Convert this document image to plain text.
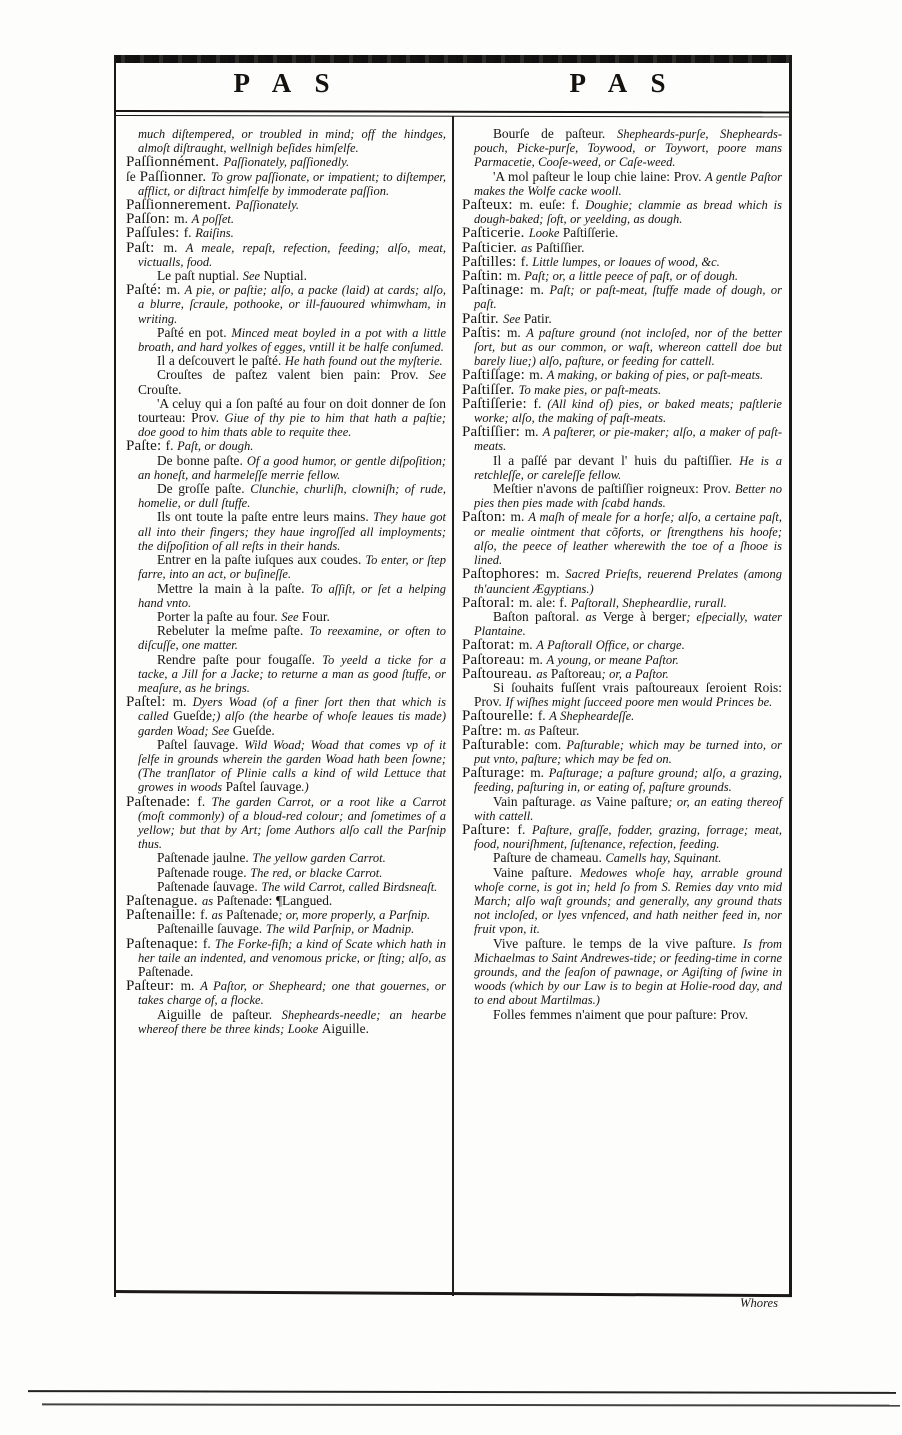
P A S	P A S

much diſtempered, or troubled in mind; off the hindges, almoſt diſtraught, wellnigh beſides himſelfe.

Paſſionnément. Paſſionately, paſſionedly.

ſe Paſſionner. To grow paſſionate, or impatient; to diſtemper, afflict, or diſtract himſelfe by immoderate paſſion.

Paſſionnerement. Paſſionately.

Paſſon: m. A poſſet.

Paſſules: f. Raiſins.

Paſt: m. A meale, repaſt, refection, feeding; alſo, meat, victualls, food.

Le paſt nuptial. See Nuptial.

Paſté: m. A pie, or paſtie; alſo, a packe (laid) at cards; alſo, a blurre, ſcraule, pothooke, or ill-fauoured whimwham, in writing.

Paſté en pot. Minced meat boyled in a pot with a little broath, and hard yolkes of egges, vntill it be halfe conſumed.

Il a deſcouvert le paſté. He hath found out the myſterie.

Crouſtes de paſtez valent bien pain: Prov. See Crouſte.

'A celuy qui a ſon paſté au four on doit donner de ſon tourteau: Prov. Giue of thy pie to him that hath a paſtie; doe good to him thats able to requite thee.

Paſte: f. Paſt, or dough.

De bonne paſte. Of a good humor, or gentle diſpoſition; an honeſt, and harmeleſſe merrie fellow.

De groſſe paſte. Clunchie, churliſh, clowniſh; of rude, homelie, or dull ſtuffe.

Ils ont toute la paſte entre leurs mains. They haue got all into their fingers; they haue ingroſſed all imployments; the diſpoſition of all reſts in their hands.

Entrer en la paſte iuſques aux coudes. To enter, or ſtep farre, into an act, or buſineſſe.

Mettre la main à la paſte. To aſſiſt, or ſet a helping hand vnto.

Porter la paſte au four. See Four.

Rebeluter la meſme paſte. To reexamine, or often to diſcuſſe, one matter.

Rendre paſte pour fougaſſe. To yeeld a ticke for a tacke, a Jill for a Jacke; to returne a man as good ſtuffe, or meaſure, as he brings.

Paſtel: m. Dyers Woad (of a finer ſort then that which is called Gueſde;) alſo (the hearbe of whoſe leaues tis made) garden Woad; See Gueſde.

Paſtel ſauvage. Wild Woad; Woad that comes vp of it ſelfe in grounds wherein the garden Woad hath been ſowne; (The tranſlator of Plinie calls a kind of wild Lettuce that growes in woods Paſtel ſauvage.)

Paſtenade: f. The garden Carrot, or a root like a Carrot (moſt commonly) of a bloud-red colour; and ſometimes of a yellow; but that by Art; ſome Authors alſo call the Parſnip thus.

Paſtenade jaulne. The yellow garden Carrot.

Paſtenade rouge. The red, or blacke Carrot.

Paſtenade ſauvage. The wild Carrot, called Birdsneaſt.

Paſtenague. as Paſtenade: ¶Langued.

Paſtenaille: f. as Paſtenade; or, more properly, a Parſnip.

Paſtenaille ſauvage. The wild Parſnip, or Madnip.

Paſtenaque: f. The Forke-fiſh; a kind of Scate which hath in her taile an indented, and venomous pricke, or ſting; alſo, as Paſtenade.

Paſteur: m. A Paſtor, or Shepheard; one that gouernes, or takes charge of, a flocke.

Aiguille de paſteur. Shepheards-needle; an hearbe whereof there be three kinds; Looke Aiguille.

Bourſe de paſteur. Shepheards-purſe, Shepheards-pouch, Picke-purſe, Toywood, or Toywort, poore mans Parmacetie, Cooſe-weed, or Caſe-weed.

'A mol paſteur le loup chie laine: Prov. A gentle Paſtor makes the Wolfe cacke wooll.

Paſteux: m. euſe: f. Doughie; clammie as bread which is dough-baked; ſoft, or yeelding, as dough.

Paſticerie. Looke Paſtiſſerie.

Paſticier. as Paſtiſſier.

Paſtilles: f. Little lumpes, or loaues of wood, &c.

Paſtin: m. Paſt; or, a little peece of paſt, or of dough.

Paſtinage: m. Paſt; or paſt-meat, ſtuffe made of dough, or paſt.

Paſtir. See Patir.

Paſtis: m. A paſture ground (not incloſed, nor of the better ſort, but as our common, or waſt, whereon cattell doe but barely liue;) alſo, paſture, or feeding for cattell.

Paſtiſſage: m. A making, or baking of pies, or paſt-meats.

Paſtiſſer. To make pies, or paſt-meats.

Paſtiſſerie: f. (All kind of) pies, or baked meats; paſtlerie worke; alſo, the making of paſt-meats.

Paſtiſſier: m. A paſterer, or pie-maker; alſo, a maker of paſt-meats.

Il a paſſé par devant l' huis du paſtiſſier. He is a retchleſſe, or careleſſe fellow.

Meſtier n'avons de paſtiſſier roigneux: Prov. Better no pies then pies made with ſcabd hands.

Paſton: m. A maſh of meale for a horſe; alſo, a certaine paſt, or mealie ointment that cõforts, or ſtrengthens his hoofe; alſo, the peece of leather wherewith the toe of a ſhooe is lined.

Paſtophores: m. Sacred Prieſts, reuerend Prelates (among th'auncient Ægyptians.)

Paſtoral: m. ale: f. Paſtorall, Shepheardlie, rurall.

Baſton paſtoral. as Verge à berger; eſpecially, water Plantaine.

Paſtorat: m. A Paſtorall Office, or charge.

Paſtoreau: m. A young, or meane Paſtor.

Paſtoureau. as Paſtoreau; or, a Paſtor.

Si ſouhaits fuſſent vrais paſtoureaux ſeroient Rois: Prov. If wiſhes might ſucceed poore men would Princes be.

Paſtourelle: f. A Shepheardeſſe.

Paſtre: m. as Paſteur.

Paſturable: com. Paſturable; which may be turned into, or put vnto, paſture; which may be fed on.

Paſturage: m. Paſturage; a paſture ground; alſo, a grazing, feeding, paſturing in, or eating of, paſture grounds.

Vain paſturage. as Vaine paſture; or, an eating thereof with cattell.

Paſture: f. Paſture, graſſe, fodder, grazing, forrage; meat, food, nouriſhment, ſuſtenance, refection, feeding.

Paſture de chameau. Camells hay, Squinant.

Vaine paſture. Medowes whoſe hay, arrable ground whoſe corne, is got in; held ſo from S. Remies day vnto mid March; alſo waſt grounds; and generally, any ground thats not incloſed, or lyes vnfenced, and hath neither feed in, nor fruit vpon, it.

Vive paſture. le temps de la vive paſture. Is from Michaelmas to Saint Andrewes-tide; or feeding-time in corne grounds, and the ſeaſon of pawnage, or Agiſting of ſwine in woods (which by our Law is to begin at Holie-rood day, and to end about Martilmas.)

Folles femmes n'aiment que pour paſture: Prov.

Whores
